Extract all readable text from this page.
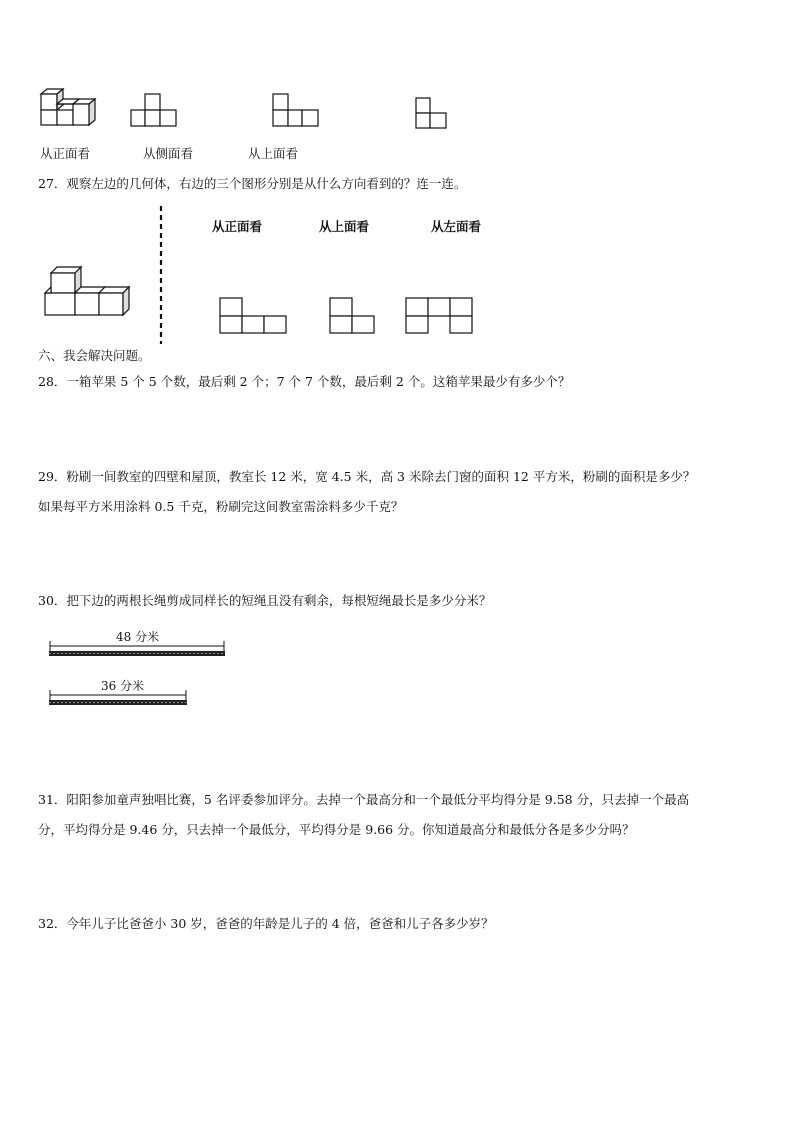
从正面看	从侧面看	从上面看
27．观察左边的几何体，右边的三个图形分别是从什么方向看到的？连一连。
从正面看	从上面看	从左面看
六、我会解决问题。
28．一箱苹果 5 个 5 个数，最后剩 2 个；7 个 7 个数，最后剩 2 个。这箱苹果最少有多少个？
29．粉刷一间教室的四壁和屋顶，教室长 12 米，宽 4.5 米，高 3 米除去门窗的面积 12 平方米，粉刷的面积是多少？
如果每平方米用涂料 0.5 千克，粉刷完这间教室需涂料多少千克？
30．把下边的两根长绳剪成同样长的短绳且没有剩余，每根短绳最长是多少分米？
48 分米
36 分米
31．阳阳参加童声独唱比赛，5 名评委参加评分。去掉一个最高分和一个最低分平均得分是 9.58 分，只去掉一个最高
分，平均得分是 9.46 分，只去掉一个最低分，平均得分是 9.66 分。你知道最高分和最低分各是多少分吗？
32．今年儿子比爸爸小 30 岁，爸爸的年龄是儿子的 4 倍，爸爸和儿子各多少岁？
